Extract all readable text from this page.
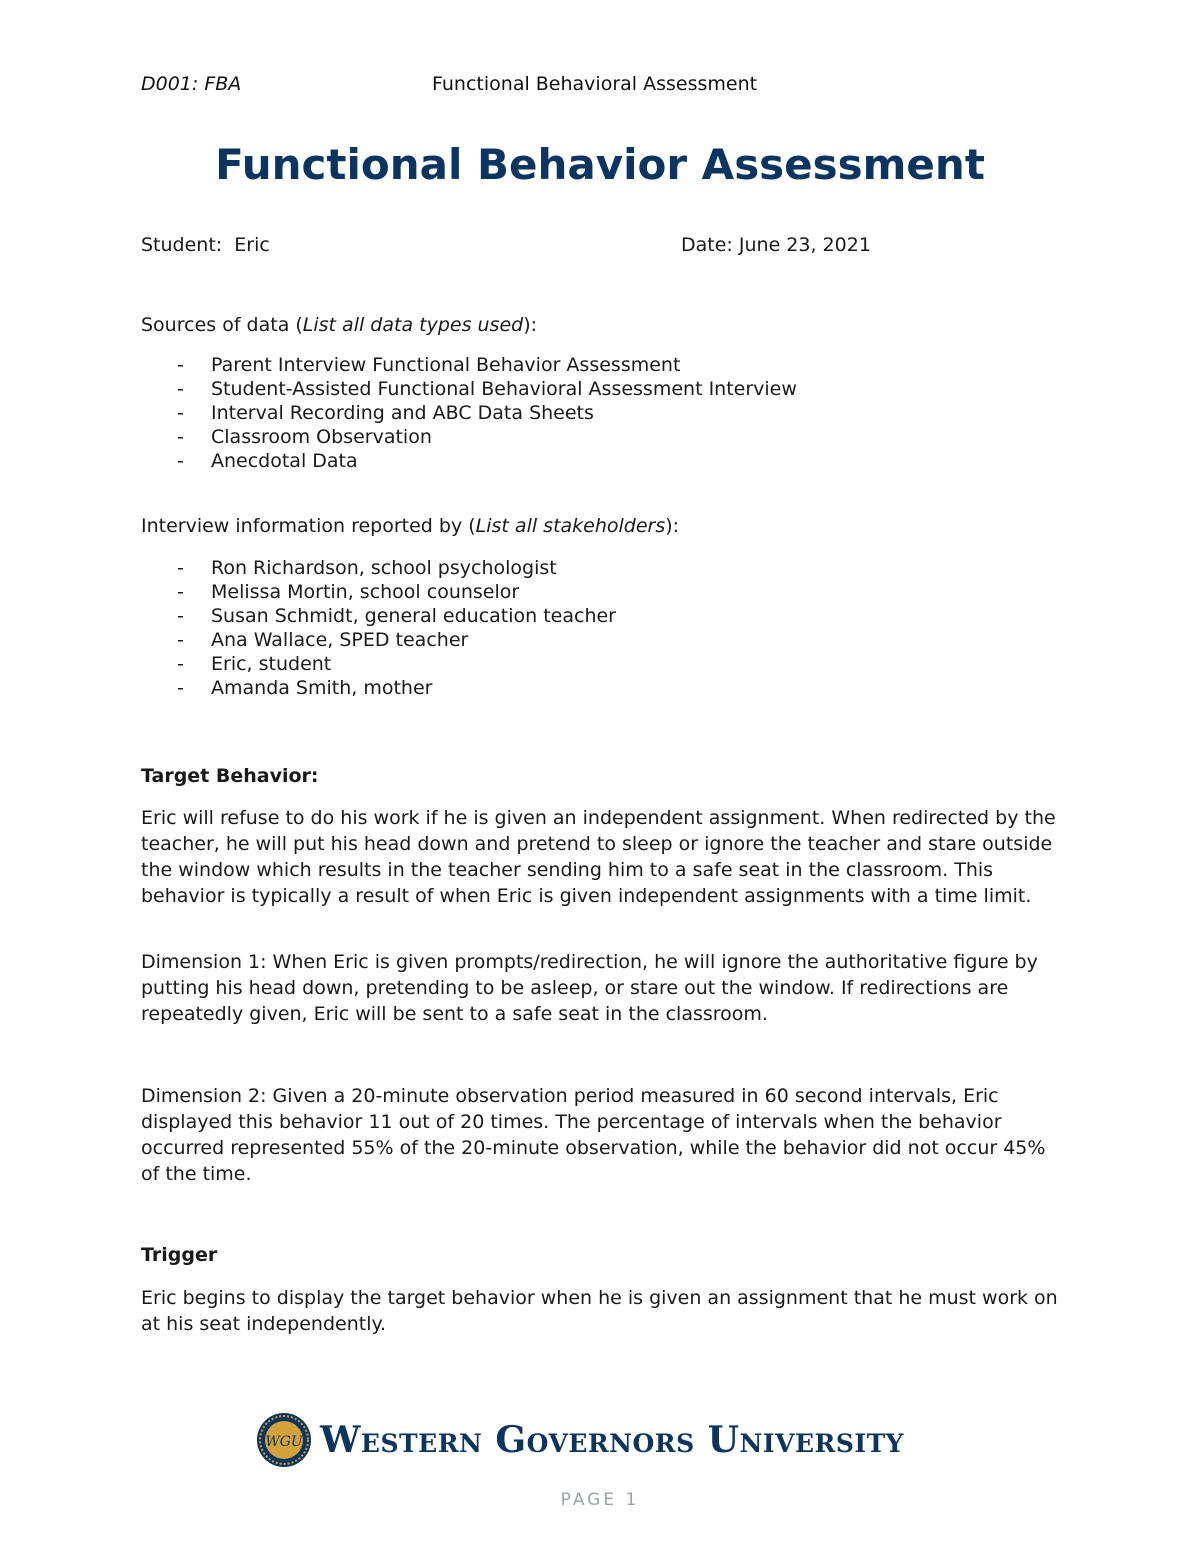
D001: FBA	Functional Behavioral Assessment
Functional Behavior Assessment
Student: Eric	Date: June 23, 2021

Sources of data (List all data types used):

- Parent Interview Functional Behavior Assessment
- Student-Assisted Functional Behavioral Assessment Interview
- Interval Recording and ABC Data Sheets
- Classroom Observation
- Anecdotal Data

Interview information reported by (List all stakeholders):

- Ron Richardson, school psychologist
- Melissa Mortin, school counselor
- Susan Schmidt, general education teacher
- Ana Wallace, SPED teacher
- Eric, student
- Amanda Smith, mother
Target Behavior:

Eric will refuse to do his work if he is given an independent assignment. When redirected by the teacher, he will put his head down and pretend to sleep or ignore the teacher and stare outside the window which results in the teacher sending him to a safe seat in the classroom. This behavior is typically a result of when Eric is given independent assignments with a time limit.

Dimension 1: When Eric is given prompts/redirection, he will ignore the authoritative figure by putting his head down, pretending to be asleep, or stare out the window. If redirections are repeatedly given, Eric will be sent to a safe seat in the classroom.

Dimension 2: Given a 20-minute observation period measured in 60 second intervals, Eric displayed this behavior 11 out of 20 times. The percentage of intervals when the behavior occurred represented 55% of the 20-minute observation, while the behavior did not occur 45% of the time.

Trigger

Eric begins to display the target behavior when he is given an assignment that he must work on at his seat independently.

WGU Western Governors University
PAGE 1
